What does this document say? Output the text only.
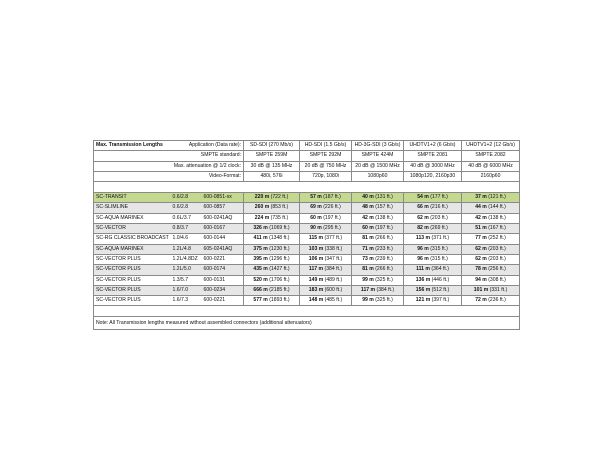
Max. Transmission Lengths Application (Data rate):			SD-SDI (270 Mb/s)	HD-SDI (1.5 Gb/s)	HD-3G-SDI (3 Gb/s)	UHDTV1+2 (6 Gb/s)	UHDTV1+2 (12 Gb/s)
SMPTE standard:			SMPTE 259M	SMPTE 292M	SMPTE 424M	SMPTE 2081	SMPTE 2082
Max. attenuation @ 1/2 clock:			30 dB @ 135 MHz	20 dB @ 750 MHz	20 dB @ 1500 MHz	40 dB @ 3000 MHz	40 dB @ 6000 MHz
Video-Format:			480i, 576i	720p, 1080i	1080p60	1080p120, 2160p30	2160p60

SC-TRANSIT	0.6/2.8	600-0851-xx	220 m (722 ft.)	57 m (187 ft.)	40 m (131 ft.)	54 m (177 ft.)	37 m (121 ft.)
SC-SLIMLINE	0.6/2.8	600-0857	260 m (853 ft.)	69 m (226 ft.)	48 m (157 ft.)	66 m (216 ft.)	44 m (144 ft.)
SC-AQUA MARINEX	0.6L/3.7	600-0241AQ	224 m (735 ft.)	60 m (197 ft.)	42 m (138 ft.)	62 m (203 ft.)	42 m (138 ft.)
SC-VECTOR	0.8/3.7	600-0167	326 m (1069 ft.)	90 m (295 ft.)	60 m (197 ft.)	82 m (269 ft.)	51 m (167 ft.)
SC-RG CLASSIC BROADCAST	1.0/4.6	600-0144	411 m (1348 ft.)	115 m (377 ft.)	81 m (266 ft.)	113 m (371 ft.)	77 m (252 ft.)
SC-AQUA MARINEX	1.2L/4.8	605-0241AQ	375 m (1230 ft.)	103 m (338 ft.)	71 m (233 ft.)	96 m (315 ft.)	62 m (203 ft.)
SC-VECTOR PLUS	1.2L/4.8DZ	600-0221	395 m (1296 ft.)	106 m (347 ft.)	73 m (239 ft.)	96 m (315 ft.)	62 m (203 ft.)
SC-VECTOR PLUS	1.2L/5.0	600-0174	435 m (1427 ft.)	117 m (384 ft.)	81 m (266 ft.)	111 m (364 ft.)	78 m (256 ft.)
SC-VECTOR PLUS	1.3/5.7	600-0131	520 m (1706 ft.)	149 m (489 ft.)	99 m (325 ft.)	136 m (446 ft.)	94 m (308 ft.)
SC-VECTOR PLUS	1.6/7.0	600-0234	666 m (2185 ft.)	183 m (600 ft.)	117 m (384 ft.)	156 m (512 ft.)	101 m (331 ft.)
SC-VECTOR PLUS	1.6/7.3	600-0221	577 m (1893 ft.)	148 m (485 ft.)	99 m (325 ft.)	121 m (397 ft.)	72 m (236 ft.)

Note: All Transmission lengths measured without assembled connectors (additional attenuators)							
